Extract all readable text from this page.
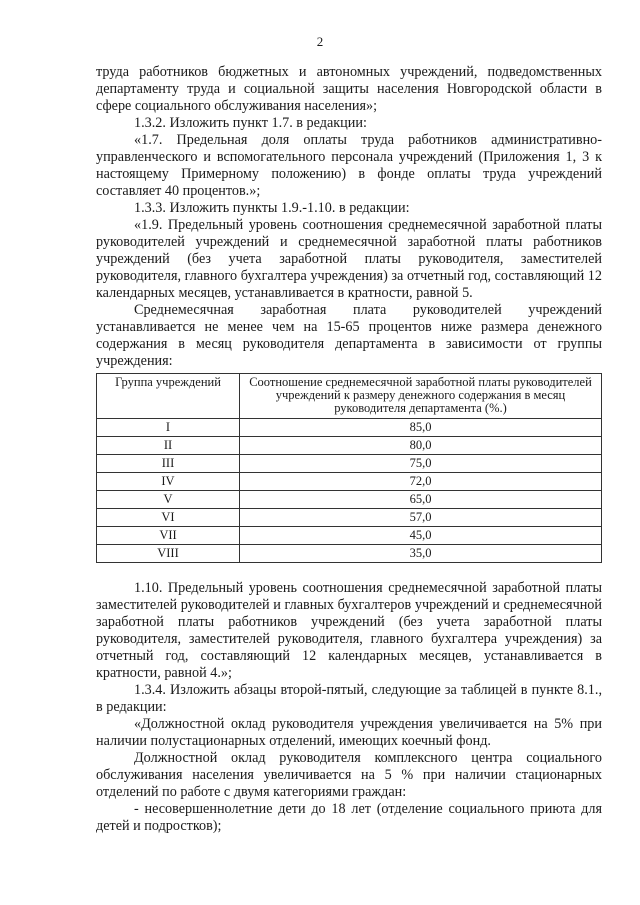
2

труда работников бюджетных и автономных учреждений, подведомственных департаменту труда и социальной защиты населения Новгородской области в сфере социального обслуживания населения»;

1.3.2. Изложить пункт 1.7. в редакции:

«1.7. Предельная доля оплаты труда работников административно-управленческого и вспомогательного персонала учреждений (Приложения 1, 3 к настоящему Примерному положению) в фонде оплаты труда учреждений составляет 40 процентов.»;

1.3.3. Изложить пункты 1.9.-1.10. в редакции:

«1.9. Предельный уровень соотношения среднемесячной заработной платы руководителей учреждений и среднемесячной заработной платы работников учреждений (без учета заработной платы руководителя, заместителей руководителя, главного бухгалтера учреждения) за отчетный год, составляющий 12 календарных месяцев, устанавливается в кратности, равной 5.

Среднемесячная заработная плата руководителей учреждений устанавливается не менее чем на 15-65 процентов ниже размера денежного содержания в месяц руководителя департамента в зависимости от группы учреждения:

Группа учреждений	Соотношение среднемесячной заработной платы руководителей учреждений к размеру денежного содержания в месяц руководителя департамента (%.)
I	85,0
II	80,0
III	75,0
IV	72,0
V	65,0
VI	57,0
VII	45,0
VIII	35,0

1.10. Предельный уровень соотношения среднемесячной заработной платы заместителей руководителей и главных бухгалтеров учреждений и среднемесячной заработной платы работников учреждений (без учета заработной платы руководителя, заместителей руководителя, главного бухгалтера учреждения) за отчетный год, составляющий 12 календарных месяцев, устанавливается в кратности, равной 4.»;

1.3.4. Изложить абзацы второй-пятый, следующие за таблицей в пункте 8.1., в редакции:

«Должностной оклад руководителя учреждения увеличивается на 5% при наличии полустационарных отделений, имеющих коечный фонд.

Должностной оклад руководителя комплексного центра социального обслуживания населения увеличивается на 5 % при наличии стационарных отделений по работе с двумя категориями граждан:

- несовершеннолетние дети до 18 лет (отделение социального приюта для детей и подростков);
